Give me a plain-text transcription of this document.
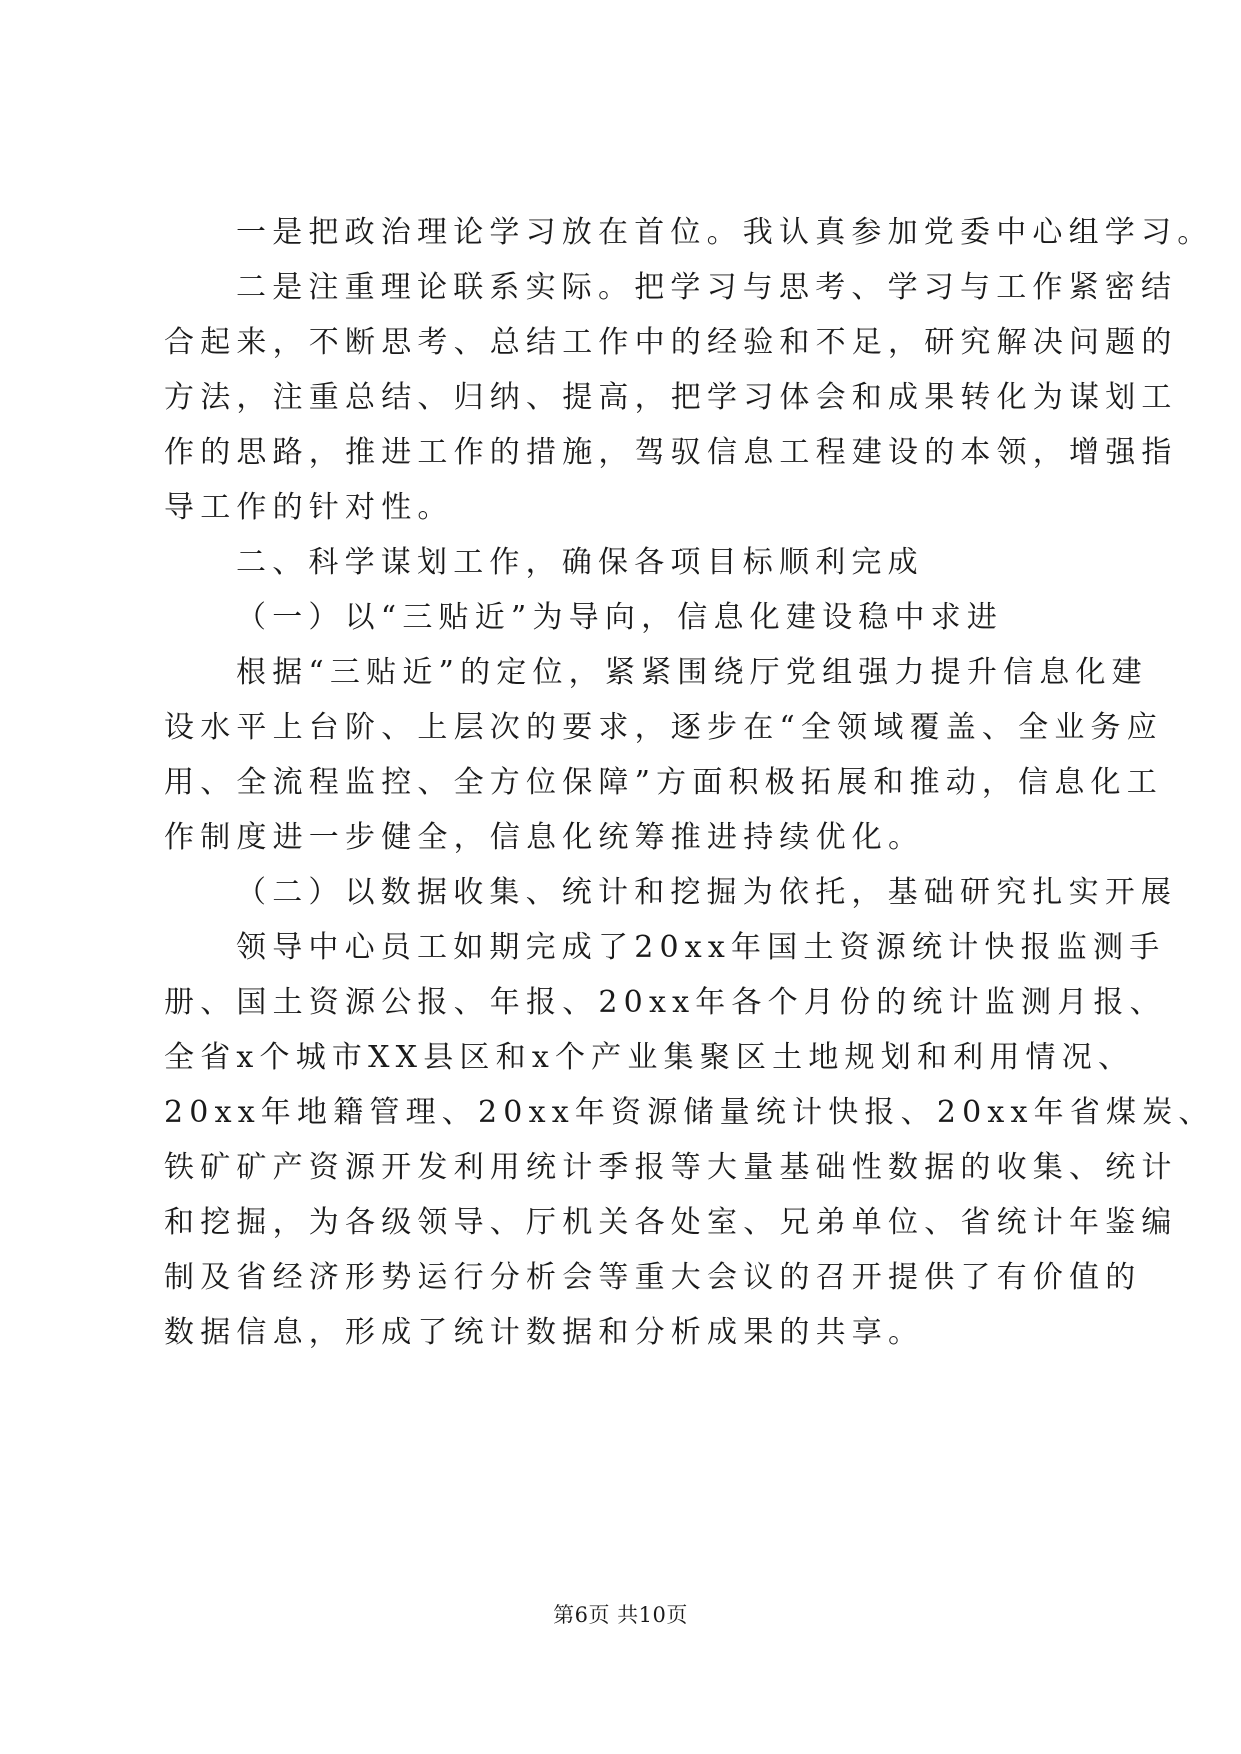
一是把政治理论学习放在首位。我认真参加党委中心组学习。
二是注重理论联系实际。把学习与思考、学习与工作紧密结
合起来，不断思考、总结工作中的经验和不足，研究解决问题的
方法，注重总结、归纳、提高，把学习体会和成果转化为谋划工
作的思路，推进工作的措施，驾驭信息工程建设的本领，增强指
导工作的针对性。
二、科学谋划工作，确保各项目标顺利完成
（一）以“三贴近”为导向，信息化建设稳中求进
根据“三贴近”的定位，紧紧围绕厅党组强力提升信息化建
设水平上台阶、上层次的要求，逐步在“全领域覆盖、全业务应
用、全流程监控、全方位保障”方面积极拓展和推动，信息化工
作制度进一步健全，信息化统筹推进持续优化。
（二）以数据收集、统计和挖掘为依托，基础研究扎实开展
领导中心员工如期完成了20xx年国土资源统计快报监测手
册、国土资源公报、年报、20xx年各个月份的统计监测月报、
全省x个城市XX县区和x个产业集聚区土地规划和利用情况、
20xx年地籍管理、20xx年资源储量统计快报、20xx年省煤炭、
铁矿矿产资源开发利用统计季报等大量基础性数据的收集、统计
和挖掘，为各级领导、厅机关各处室、兄弟单位、省统计年鉴编
制及省经济形势运行分析会等重大会议的召开提供了有价值的
数据信息，形成了统计数据和分析成果的共享。
第6页 共10页
